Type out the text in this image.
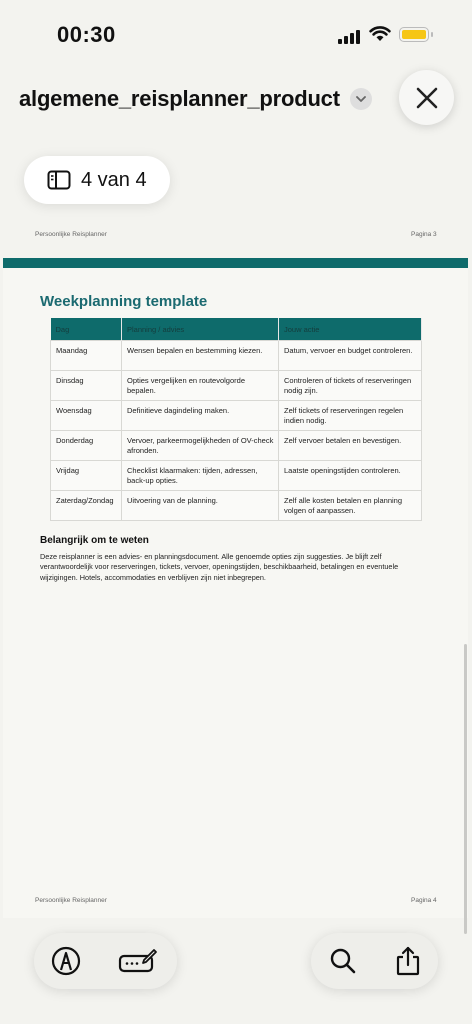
00:30
algemene_reisplanner_product
4 van 4
Persoonlijke Reisplanner	Pagina 3
Weekplanning template
Dag	Planning / advies	Jouw actie
Maandag	Wensen bepalen en bestemming kiezen.	Datum, vervoer en budget controleren.
Dinsdag	Opties vergelijken en routevolgorde bepalen.	Controleren of tickets of reserveringen nodig zijn.
Woensdag	Definitieve dagindeling maken.	Zelf tickets of reserveringen regelen indien nodig.
Donderdag	Vervoer, parkeermogelijkheden of OV-check afronden.	Zelf vervoer betalen en bevestigen.
Vrijdag	Checklist klaarmaken: tijden, adressen, back-up opties.	Laatste openingstijden controleren.
Zaterdag/Zondag	Uitvoering van de planning.	Zelf alle kosten betalen en planning volgen of aanpassen.
Belangrijk om te weten
Deze reisplanner is een advies- en planningsdocument. Alle genoemde opties zijn suggesties. Je blijft zelf verantwoordelijk voor reserveringen, tickets, vervoer, openingstijden, beschikbaarheid, betalingen en eventuele wijzigingen. Hotels, accommodaties en verblijven zijn niet inbegrepen.
Persoonlijke Reisplanner	Pagina 4
